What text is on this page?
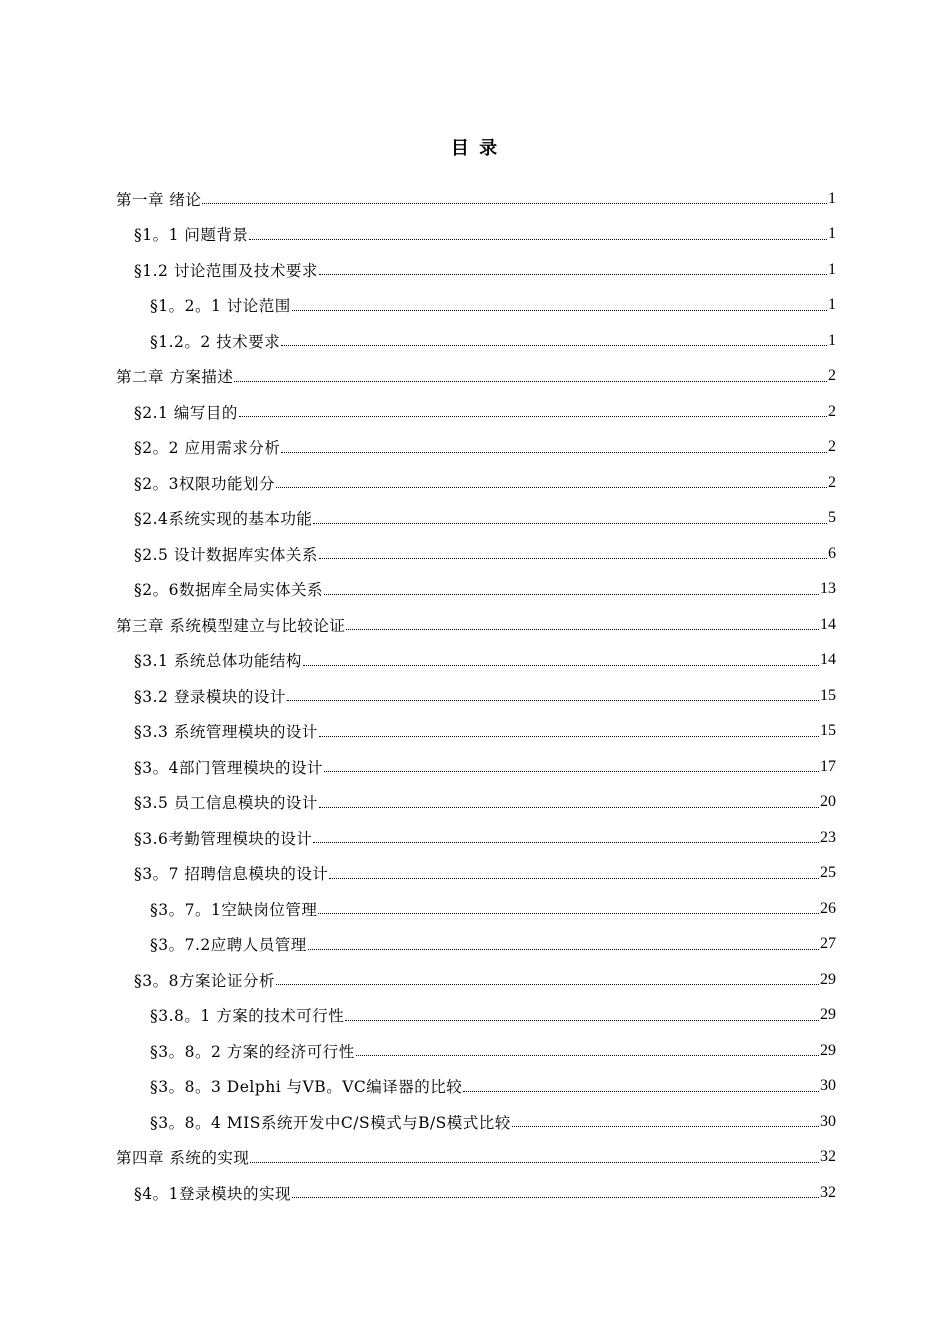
目 录
第一章 绪论	1
§1。1 问题背景	1
§1.2 讨论范围及技术要求	1
§1。2。1 讨论范围	1
§1.2。2 技术要求	1
第二章 方案描述	2
§2.1 编写目的	2
§2。2 应用需求分析	2
§2。3权限功能划分	2
§2.4系统实现的基本功能	5
§2.5 设计数据库实体关系	6
§2。6数据库全局实体关系	13
第三章 系统模型建立与比较论证	14
§3.1 系统总体功能结构	14
§3.2 登录模块的设计	15
§3.3 系统管理模块的设计	15
§3。4部门管理模块的设计	17
§3.5 员工信息模块的设计	20
§3.6考勤管理模块的设计	23
§3。7 招聘信息模块的设计	25
§3。7。1空缺岗位管理	26
§3。7.2应聘人员管理	27
§3。8方案论证分析	29
§3.8。1 方案的技术可行性	29
§3。8。2 方案的经济可行性	29
§3。8。3 Delphi 与VB。VC编译器的比较	30
§3。8。4 MIS系统开发中C/S模式与B/S模式比较	30
第四章 系统的实现	32
§4。1登录模块的实现	32
